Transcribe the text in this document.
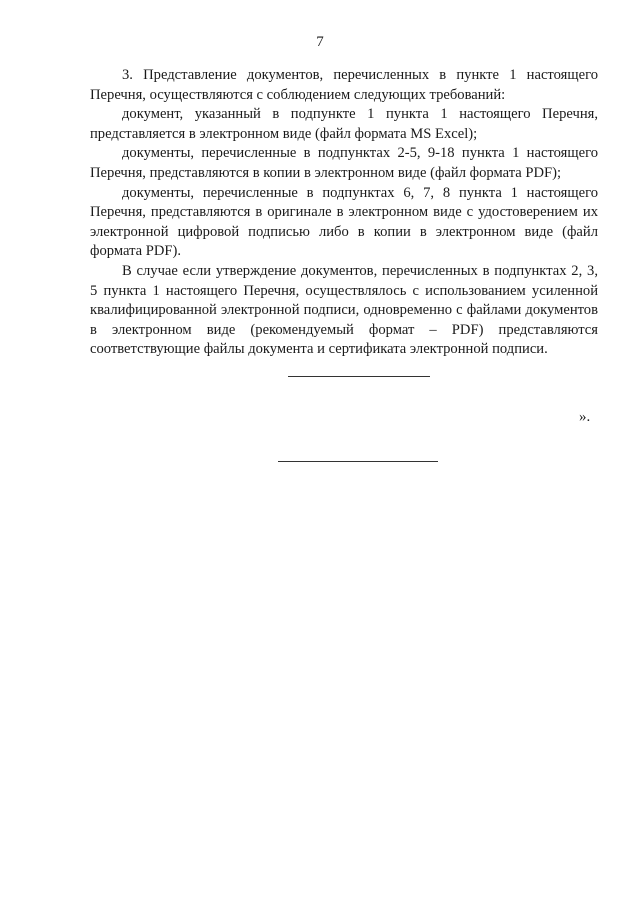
7

3. Представление документов, перечисленных в пункте 1 настоящего Перечня, осуществляются с соблюдением следующих требований:

документ, указанный в подпункте 1 пункта 1 настоящего Перечня, представляется в электронном виде (файл формата MS Excel);

документы, перечисленные в подпунктах 2-5, 9-18 пункта 1 настоящего Перечня, представляются в копии в электронном виде (файл формата PDF);

документы, перечисленные в подпунктах 6, 7, 8 пункта 1 настоящего Перечня, представляются в оригинале в электронном виде с удостоверением их электронной цифровой подписью либо в копии в электронном виде (файл формата PDF).

В случае если утверждение документов, перечисленных в подпунктах 2, 3, 5 пункта 1 настоящего Перечня, осуществлялось с использованием усиленной квалифицированной электронной подписи, одновременно с файлами документов в электронном виде (рекомендуемый формат – PDF) представляются соответствующие файлы документа и сертификата электронной подписи.

».
